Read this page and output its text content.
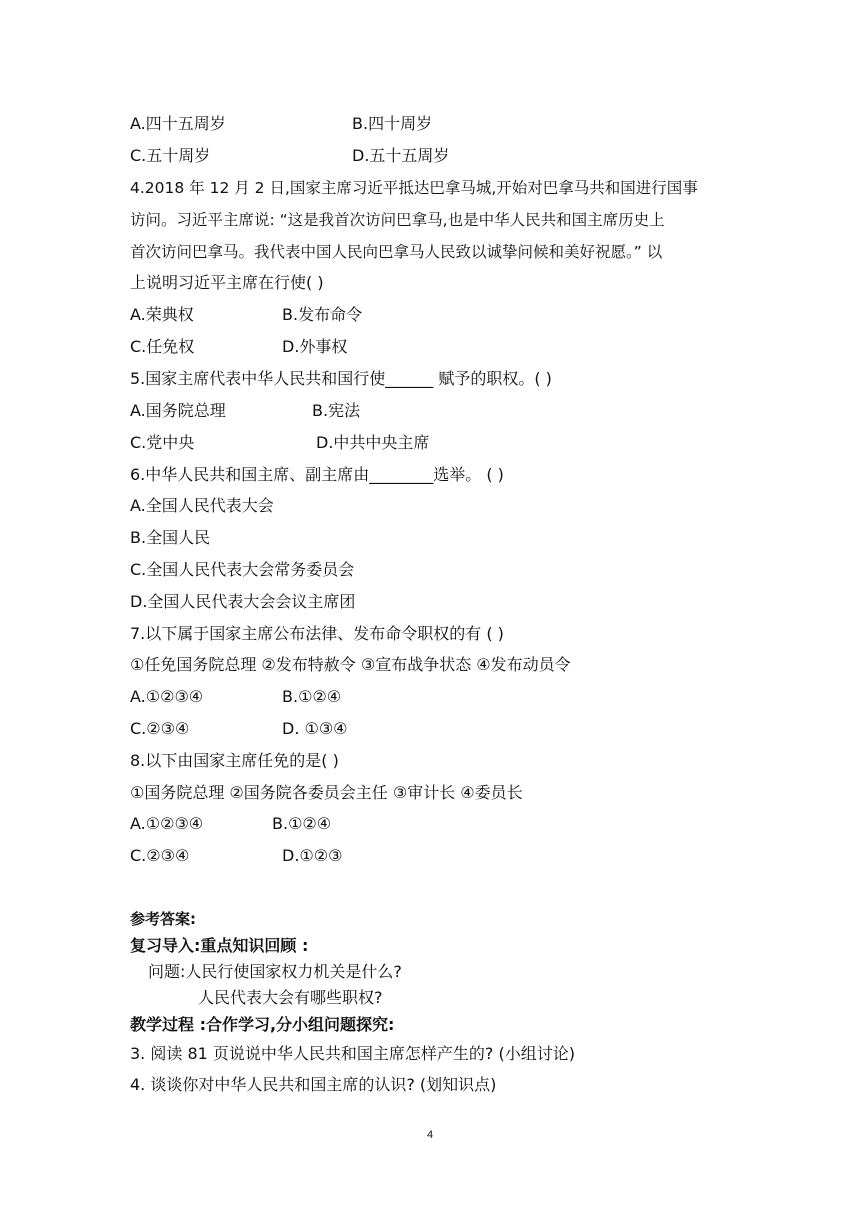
A.四十五周岁	B.四十周岁
C.五十周岁	D.五十五周岁
4.2018 年 12 月 2 日,国家主席习近平抵达巴拿马城,开始对巴拿马共和国进行国事
访问。习近平主席说: “这是我首次访问巴拿马,也是中华人民共和国主席历史上
首次访问巴拿马。我代表中国人民向巴拿马人民致以诚挚问候和美好祝愿。” 以
上说明习近平主席在行使( )
A.荣典权	B.发布命令
C.任免权	D.外事权
5.国家主席代表中华人民共和国行使______ 赋予的职权。( )
A.国务院总理	B.宪法
C.党中央	D.中共中央主席
6.中华人民共和国主席、副主席由________选举。 ( )
A.全国人民代表大会
B.全国人民
C.全国人民代表大会常务委员会
D.全国人民代表大会会议主席团
7.以下属于国家主席公布法律、发布命令职权的有 ( )
①任免国务院总理 ②发布特赦令 ③宣布战争状态 ④发布动员令
A.①②③④	B.①②④
C.②③④	D. ①③④
8.以下由国家主席任免的是( )
①国务院总理 ②国务院各委员会主任 ③审计长 ④委员长
A.①②③④	B.①②④
C.②③④	D.①②③
参考答案:
复习导入:重点知识回顾 :
问题:人民行使国家权力机关是什么?
人民代表大会有哪些职权?
教学过程 :合作学习,分小组问题探究:
3. 阅读 81 页说说中华人民共和国主席怎样产生的? (小组讨论)
4. 谈谈你对中华人民共和国主席的认识? (划知识点)
4
